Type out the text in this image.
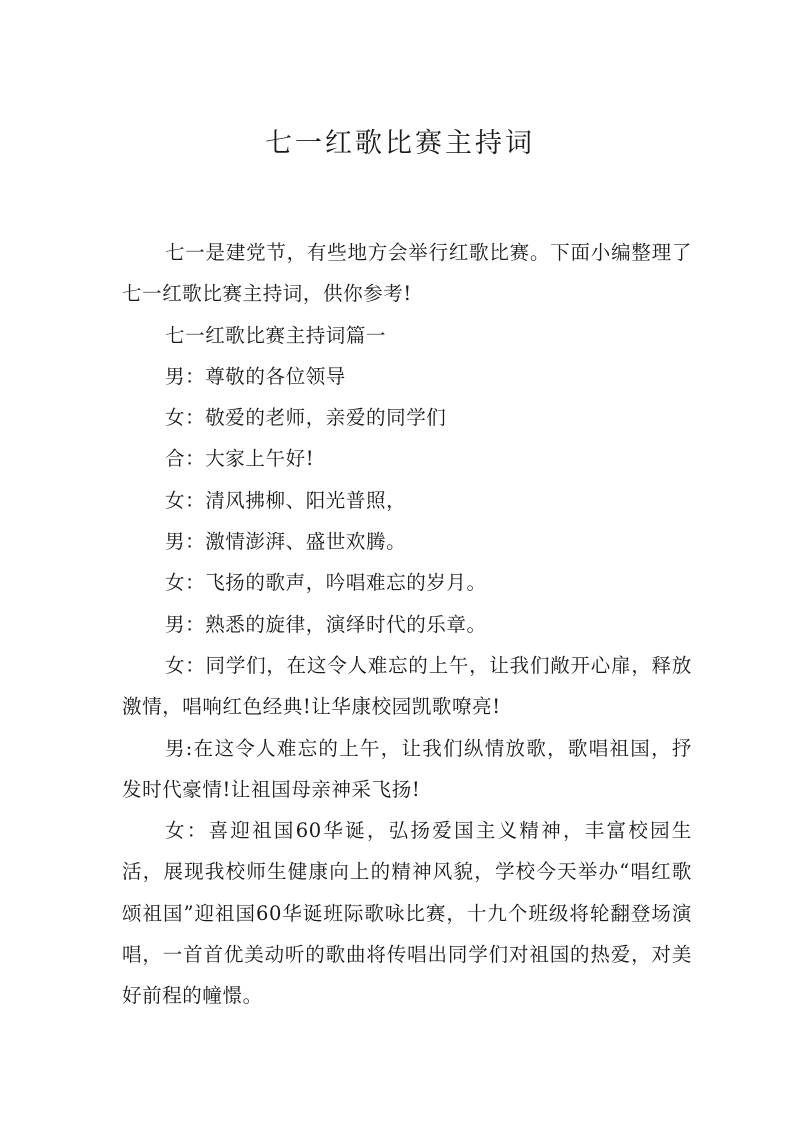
七一红歌比赛主持词

七一是建党节，有些地方会举行红歌比赛。下面小编整理了七一红歌比赛主持词，供你参考!

七一红歌比赛主持词篇一

男：尊敬的各位领导

女：敬爱的老师，亲爱的同学们

合：大家上午好!

女：清风拂柳、阳光普照，

男：激情澎湃、盛世欢腾。

女：飞扬的歌声，吟唱难忘的岁月。

男：熟悉的旋律，演绎时代的乐章。

女：同学们，在这令人难忘的上午，让我们敞开心扉，释放激情，唱响红色经典!让华康校园凯歌嘹亮!

男:在这令人难忘的上午，让我们纵情放歌，歌唱祖国，抒发时代豪情!让祖国母亲神采飞扬!

女：喜迎祖国60华诞，弘扬爱国主义精神，丰富校园生活，展现我校师生健康向上的精神风貌，学校今天举办“唱红歌 颂祖国”迎祖国60华诞班际歌咏比赛，十九个班级将轮翻登场演唱，一首首优美动听的歌曲将传唱出同学们对祖国的热爱，对美好前程的幢憬。
